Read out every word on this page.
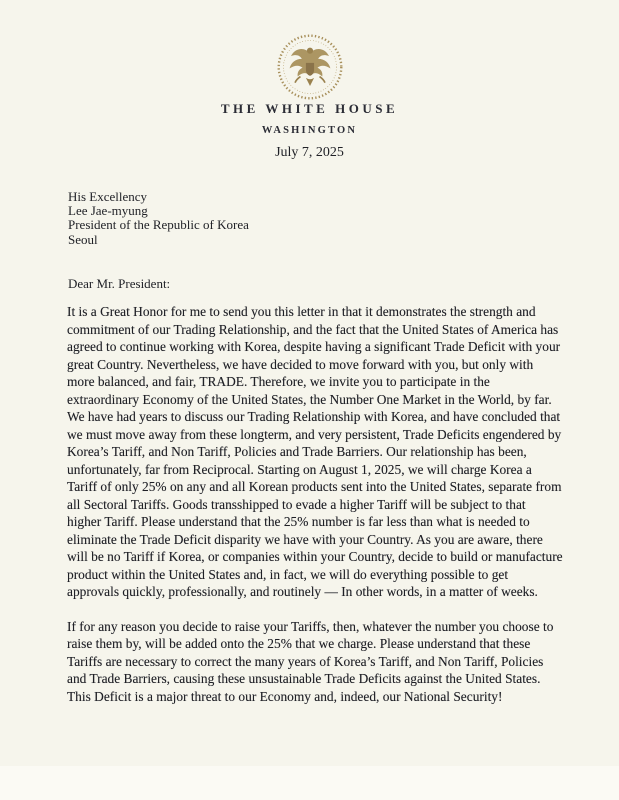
THE WHITE HOUSE
WASHINGTON
July 7, 2025
His Excellency
Lee Jae-myung
President of the Republic of Korea
Seoul
Dear Mr. President:

It is a Great Honor for me to send you this letter in that it demonstrates the strength and commitment of our Trading Relationship, and the fact that the United States of America has agreed to continue working with Korea, despite having a significant Trade Deficit with your great Country. Nevertheless, we have decided to move forward with you, but only with more balanced, and fair, TRADE. Therefore, we invite you to participate in the extraordinary Economy of the United States, the Number One Market in the World, by far. We have had years to discuss our Trading Relationship with Korea, and have concluded that we must move away from these longterm, and very persistent, Trade Deficits engendered by Korea’s Tariff, and Non Tariff, Policies and Trade Barriers. Our relationship has been, unfortunately, far from Reciprocal. Starting on August 1, 2025, we will charge Korea a Tariff of only 25% on any and all Korean products sent into the United States, separate from all Sectoral Tariffs. Goods transshipped to evade a higher Tariff will be subject to that higher Tariff. Please understand that the 25% number is far less than what is needed to eliminate the Trade Deficit disparity we have with your Country. As you are aware, there will be no Tariff if Korea, or companies within your Country, decide to build or manufacture product within the United States and, in fact, we will do everything possible to get approvals quickly, professionally, and routinely — In other words, in a matter of weeks.

If for any reason you decide to raise your Tariffs, then, whatever the number you choose to raise them by, will be added onto the 25% that we charge. Please understand that these Tariffs are necessary to correct the many years of Korea’s Tariff, and Non Tariff, Policies and Trade Barriers, causing these unsustainable Trade Deficits against the United States. This Deficit is a major threat to our Economy and, indeed, our National Security!
